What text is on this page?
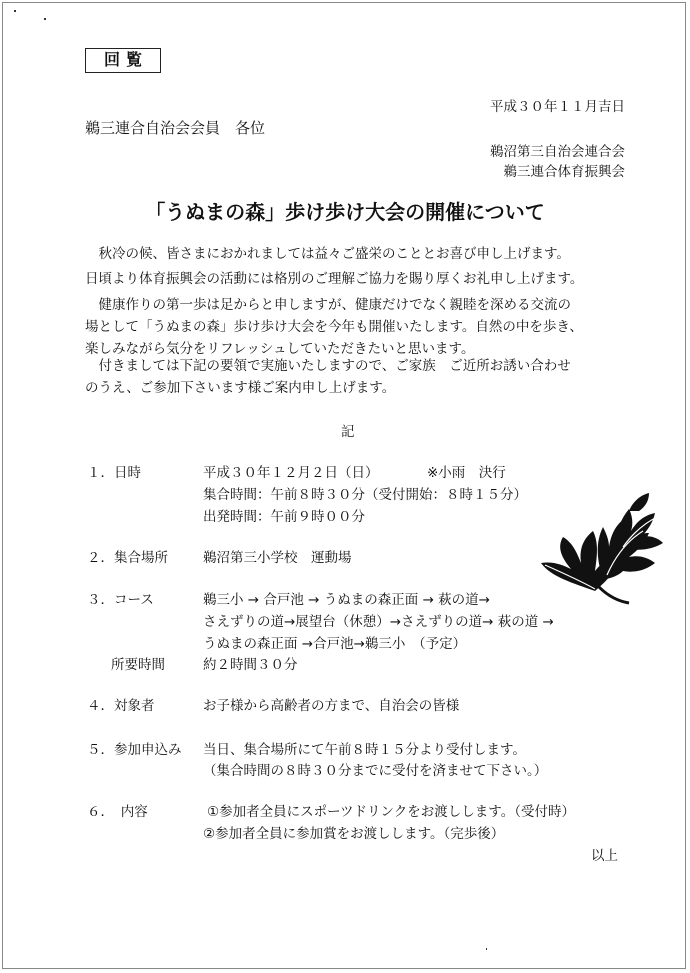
回覧
平成３０年１１月吉日
鵜三連合自治会会員　各位
鵜沼第三自治会連合会
鵜三連合体育振興会
「うぬまの森」歩け歩け大会の開催について
　秋冷の候、皆さまにおかれましては益々ご盛栄のこととお喜び申し上げます。
日頃より体育振興会の活動には格別のご理解ご協力を賜り厚くお礼申し上げます。
　健康作りの第一歩は足からと申しますが、健康だけでなく親睦を深める交流の
場として「うぬまの森」歩け歩け大会を今年も開催いたします。自然の中を歩き、
楽しみながら気分をリフレッシュしていただきたいと思います。
　付きましては下記の要領で実施いたしますので、ご家族　ご近所お誘い合わせ
のうえ、ご参加下さいます様ご案内申し上げます。
記
１．日時	平成３０年１２月２日（日）	※小雨　決行
集合時間：午前８時３０分（受付開始：８時１５分）
出発時間：午前９時００分
２．集合場所	鵜沼第三小学校　運動場
３．コース	鵜三小 → 合戸池 → うぬまの森正面 → 萩の道→
さえずりの道→展望台（休憩）→さえずりの道→ 萩の道 →
うぬまの森正面 →合戸池→鵜三小　（予定）
所要時間	約２時間３０分
４．対象者	お子様から高齢者の方まで、自治会の皆様
５．参加申込み 当日、集合場所にて午前８時１５分より受付します。
（集合時間の８時３０分までに受付を済ませて下さい。）
６．　内容	①参加者全員にスポーツドリンクをお渡しします。（受付時）
②参加者全員に参加賞をお渡しします。（完歩後）
以上
